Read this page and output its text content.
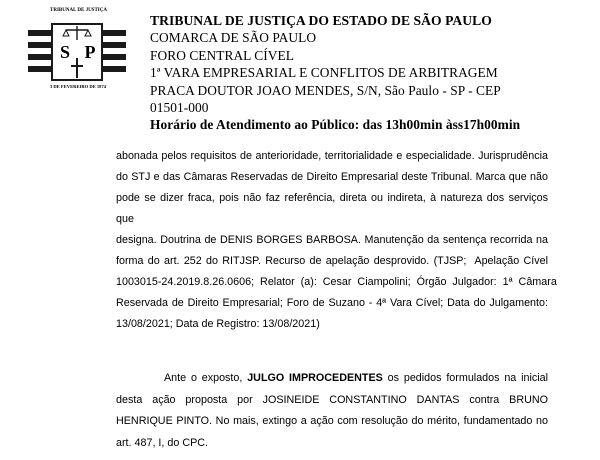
TRIBUNAL DE JUSTIÇA
S P
3 DE FEVEREIRO DE 1874
TRIBUNAL DE JUSTIÇA DO ESTADO DE SÃO PAULO
COMARCA DE SÃO PAULO
FORO CENTRAL CÍVEL
1ª VARA EMPRESARIAL E CONFLITOS DE ARBITRAGEM
PRACA DOUTOR JOAO MENDES, S/N, São Paulo - SP - CEP
01501-000
Horário de Atendimento ao Público: das 13h00min àss17h00min
abonada pelos requisitos de anterioridade, territorialidade e especialidade. Jurisprudência
do STJ e das Câmaras Reservadas de Direito Empresarial deste Tribunal. Marca que não
pode se dizer fraca, pois não faz referência, direta ou indireta, à natureza dos serviços que
designa. Doutrina de DENIS BORGES BARBOSA. Manutenção da sentença recorrida na
forma do art. 252 do RITJSP. Recurso de apelação desprovido. (TJSP;  Apelação Cível
1003015-24.2019.8.26.0606;  Relator  (a):  Cesar  Ciampolini;  Órgão  Julgador:  1ª  Câmara
Reservada de Direito Empresarial; Foro de Suzano - 4ª Vara Cível; Data do Julgamento:
13/08/2021; Data de Registro: 13/08/2021)

Ante o exposto, JULGO IMPROCEDENTES os pedidos formulados na inicial desta ação proposta por JOSINEIDE CONSTANTINO DANTAS contra BRUNO HENRIQUE PINTO. No mais, extingo a ação com resolução do mérito, fundamentado no art. 487, I, do CPC.
